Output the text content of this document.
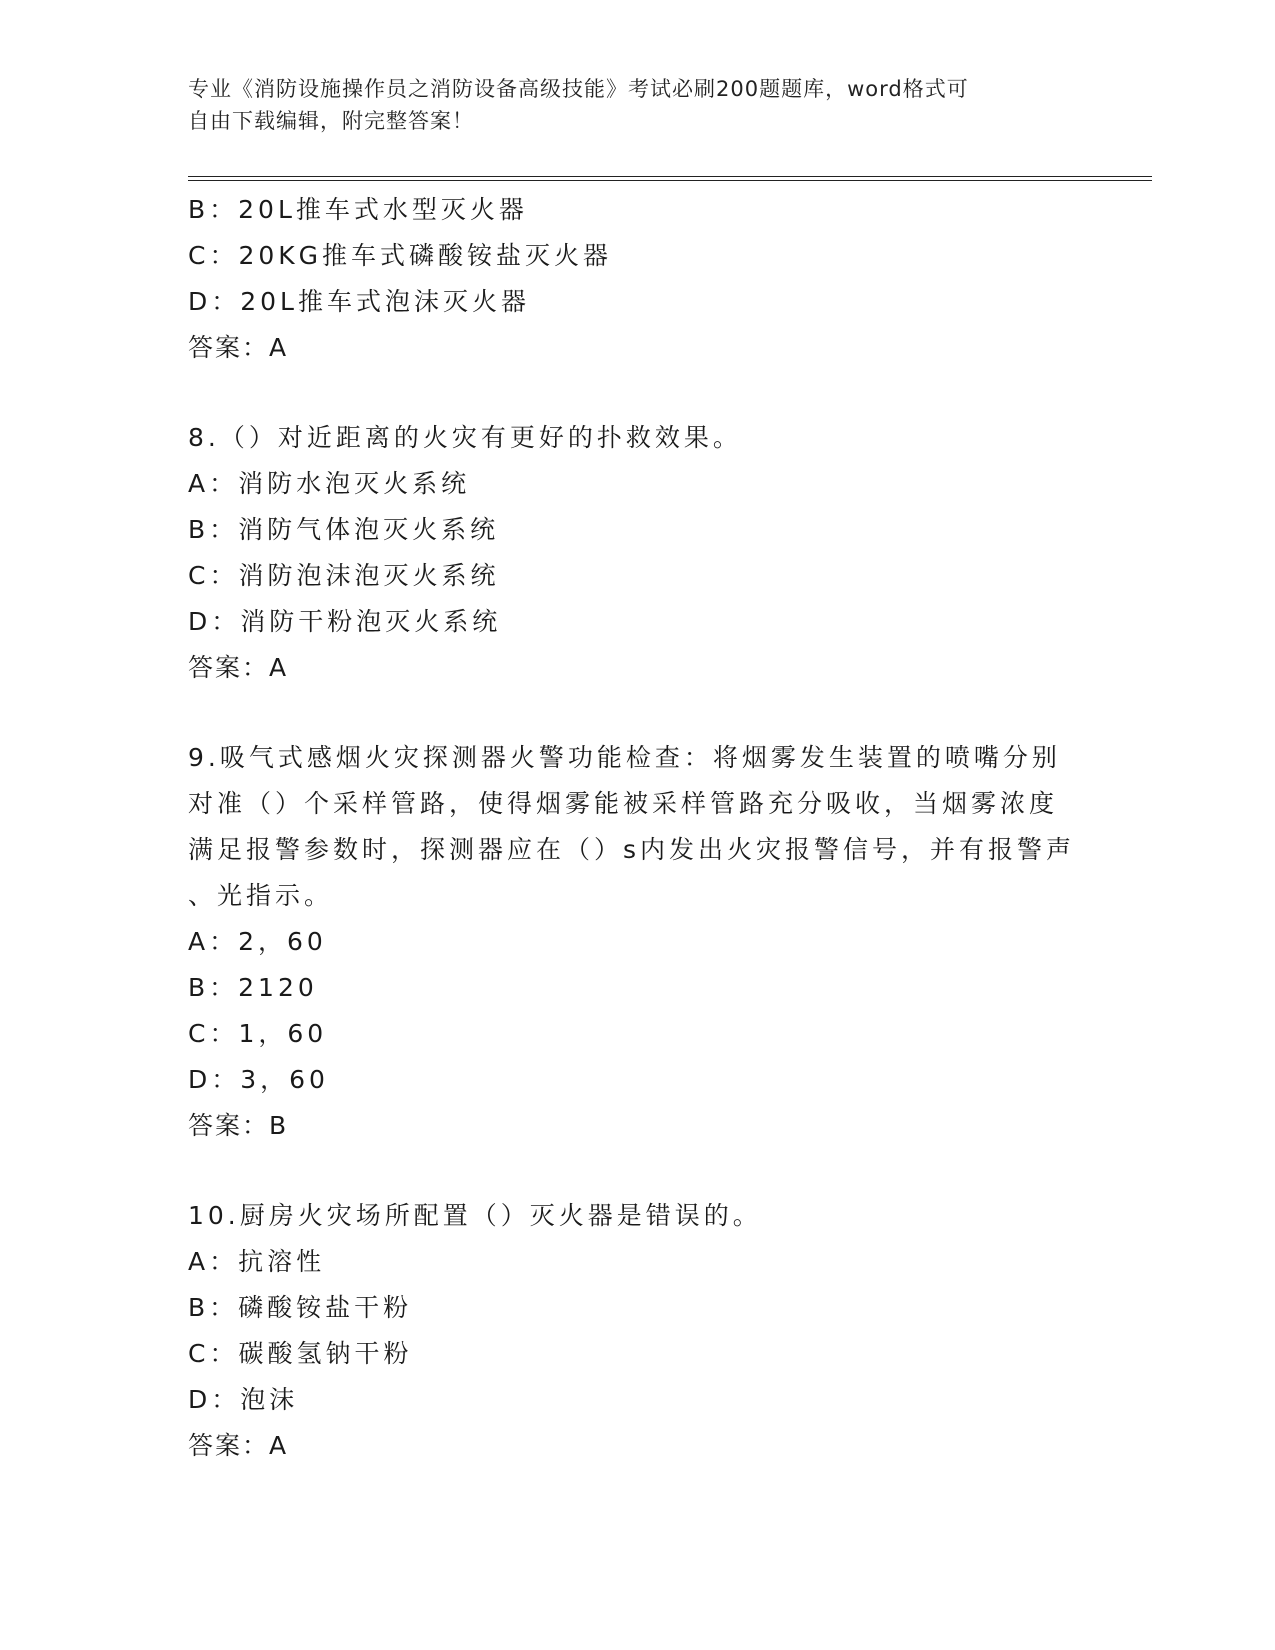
专业《消防设施操作员之消防设备高级技能》考试必刷200题题库，word格式可
自由下载编辑，附完整答案！
B：20L推车式水型灭火器
C：20KG推车式磷酸铵盐灭火器
D：20L推车式泡沫灭火器
答案：A
8.（）对近距离的火灾有更好的扑救效果。
A：消防水泡灭火系统
B：消防气体泡灭火系统
C：消防泡沫泡灭火系统
D：消防干粉泡灭火系统
答案：A
9.吸气式感烟火灾探测器火警功能检查：将烟雾发生装置的喷嘴分别
对准（）个采样管路，使得烟雾能被采样管路充分吸收，当烟雾浓度
满足报警参数时，探测器应在（）s内发出火灾报警信号，并有报警声
、光指示。
A：2，60
B：2120
C：1，60
D：3，60
答案：B
10.厨房火灾场所配置（）灭火器是错误的。
A：抗溶性
B：磷酸铵盐干粉
C：碳酸氢钠干粉
D：泡沫
答案：A
